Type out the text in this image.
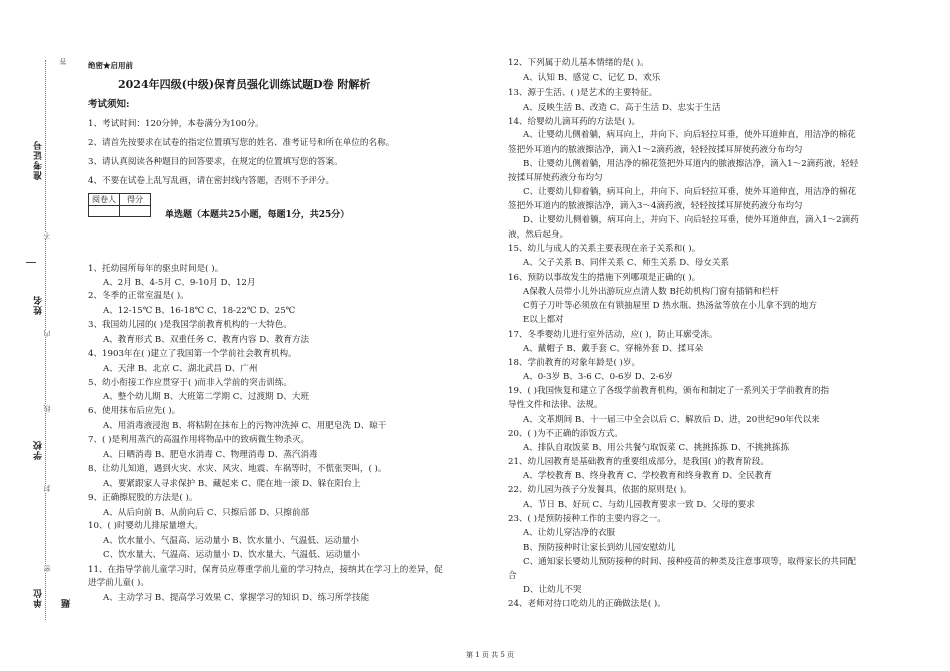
准考证号
姓名
学校
单位 题
答
不
内
线
封
密
绝密★启用前
2024年四级(中级)保育员强化训练试题D卷 附解析
考试须知:
1、考试时间：120分钟，本卷满分为100分。
2、请首先按要求在试卷的指定位置填写您的姓名、准考证号和所在单位的名称。
3、请认真阅读各种题目的回答要求，在规定的位置填写您的答案。
4、不要在试卷上乱写乱画，请在密封线内答题，否则不予评分。
阅卷人	得分

单选题（本题共25小题，每题1分，共25分）
1、托幼园所每年的驱虫时间是( )。
A、2月 B、4-5月 C、9-10月 D、12月
2、冬季的正常室温是( )。
A、12-15℃ B、16-18℃ C、18-22℃ D、25℃
3、我国幼儿园的( )是我国学前教育机构的一大特色。
A、教育形式 B、双重任务 C、教育内容 D、教育方法
4、1903年在( )建立了我国第一个学前社会教育机构。
A、天津 B、北京 C、湖北武昌 D、广州
5、幼小衔接工作应贯穿于( )而非入学前的突击训练。
A、整个幼儿期 B、大班第二学期 C、过渡期 D、大班
6、使用抹布后应先( )。
A、用消毒液浸泡 B、将粘附在抹布上的污物冲洗掉 C、用肥皂洗 D、晾干
7、( )是利用蒸汽的高温作用将物品中的致病微生物杀灭。
A、日晒消毒 B、肥皂水消毒 C、物理消毒 D、蒸汽消毒
8、让幼儿知道，遇到火灾、水灾、风灾、地震、车祸等时，不慌张哭叫，( )。
A、要紧跟家人寻求保护 B、藏起来 C、爬在地一滚 D、躲在阳台上
9、正确擦屁股的方法是( )。
A、从后向前 B、从前向后 C、只擦后部 D、只擦前部
10、( )时婴幼儿排尿量增大。
A、饮水量小、气温高、运动量小 B、饮水量小、气温低、运动量小
C、饮水量大、气温高、运动量小 D、饮水量大、气温低、运动量小
11、在指导学前儿童学习时，保育员应尊重学前儿童的学习特点，接纳其在学习上的差异，促
进学前儿童( )。
A、主动学习 B、提高学习效果 C、掌握学习的知识 D、练习所学技能
12、下列属于幼儿基本情绪的是( )。
A、认知 B、感觉 C、记忆 D、欢乐
13、源于生活、( )是艺术的主要特征。
A、反映生活 B、改造 C、高于生活 D、忠实于生活
14、给婴幼儿滴耳药的方法是( )。
A、让婴幼儿侧着躺，病耳向上，并向下、向后轻拉耳垂，使外耳道伸直，用洁净的棉花
签把外耳道内的脓液擦洁净，滴入1～2滴药液，轻轻按揉耳屏使药液分布均匀
B、让婴幼儿侧着躺，用洁净的棉花签把外耳道内的脓液擦洁净，滴入1～2滴药液，轻轻
按揉耳屏使药液分布均匀
C、让婴幼儿仰着躺，病耳向上，并向下、向后轻拉耳垂，使外耳道伸直，用洁净的棉花
签把外耳道内的脓液擦洁净，滴入3～4滴药液，轻轻按揉耳屏使药液分布均匀
D、让婴幼儿侧着躺，病耳向上，并向下、向后轻拉耳垂，使外耳道伸直，滴入1～2滴药
液，然后起身。
15、幼儿与成人的关系主要表现在亲子关系和( )。
A、父子关系 B、同伴关系 C、师生关系 D、母女关系
16、预防以事故发生的措施下列哪项是正确的( )。
A保教人员带小儿外出游玩应点清人数 B托幼机构门窗有插销和栏杆
C剪子刀叶等必须放在有锁抽屉里 D 热水瓶、热汤盆等放在小儿拿不到的地方
E以上都对
17、冬季婴幼儿进行室外活动，应( )，防止耳廓受冻。
A、戴帽子 B、戴手套 C、穿棉外套 D、揉耳朵
18、学前教育的对象年龄是( )岁。
A、0-3岁 B、3-6 C、0-6岁 D、2-6岁
19、( )我国恢复和建立了各级学前教育机构，颁布和制定了一系列关于学前教育的指
导性文件和法律、法规。
A、文革期间 B、十一届三中全会以后 C、解放后 D、进，20世纪90年代以来
20、( )为不正确的添饭方式。
A、排队自取饭菜 B、用公共餐勺取饭菜 C、挑挑拣拣 D、不挑挑拣拣
21、幼儿园教育是基础教育的重要组成部分，是我国( )的教育阶段。
A、学校教育 B、终身教育 C、学校教育和终身教育 D、全民教育
22、幼儿园为孩子分发餐具，依据的原则是( )。
A、节日 B、好玩 C、与幼儿园教育要求一致 D、父母的要求
23、( )是预防接种工作的主要内容之一。
A、让幼儿穿洁净的衣服
B、预防接种时让家长到幼儿园安慰幼儿
C、通知家长婴幼儿预防接种的时间、接种疫苗的种类及注意事项等，取得家长的共同配
合
D、让幼儿不哭
24、老师对待口吃幼儿的正确做法是( )。
第 1 页 共 5 页
